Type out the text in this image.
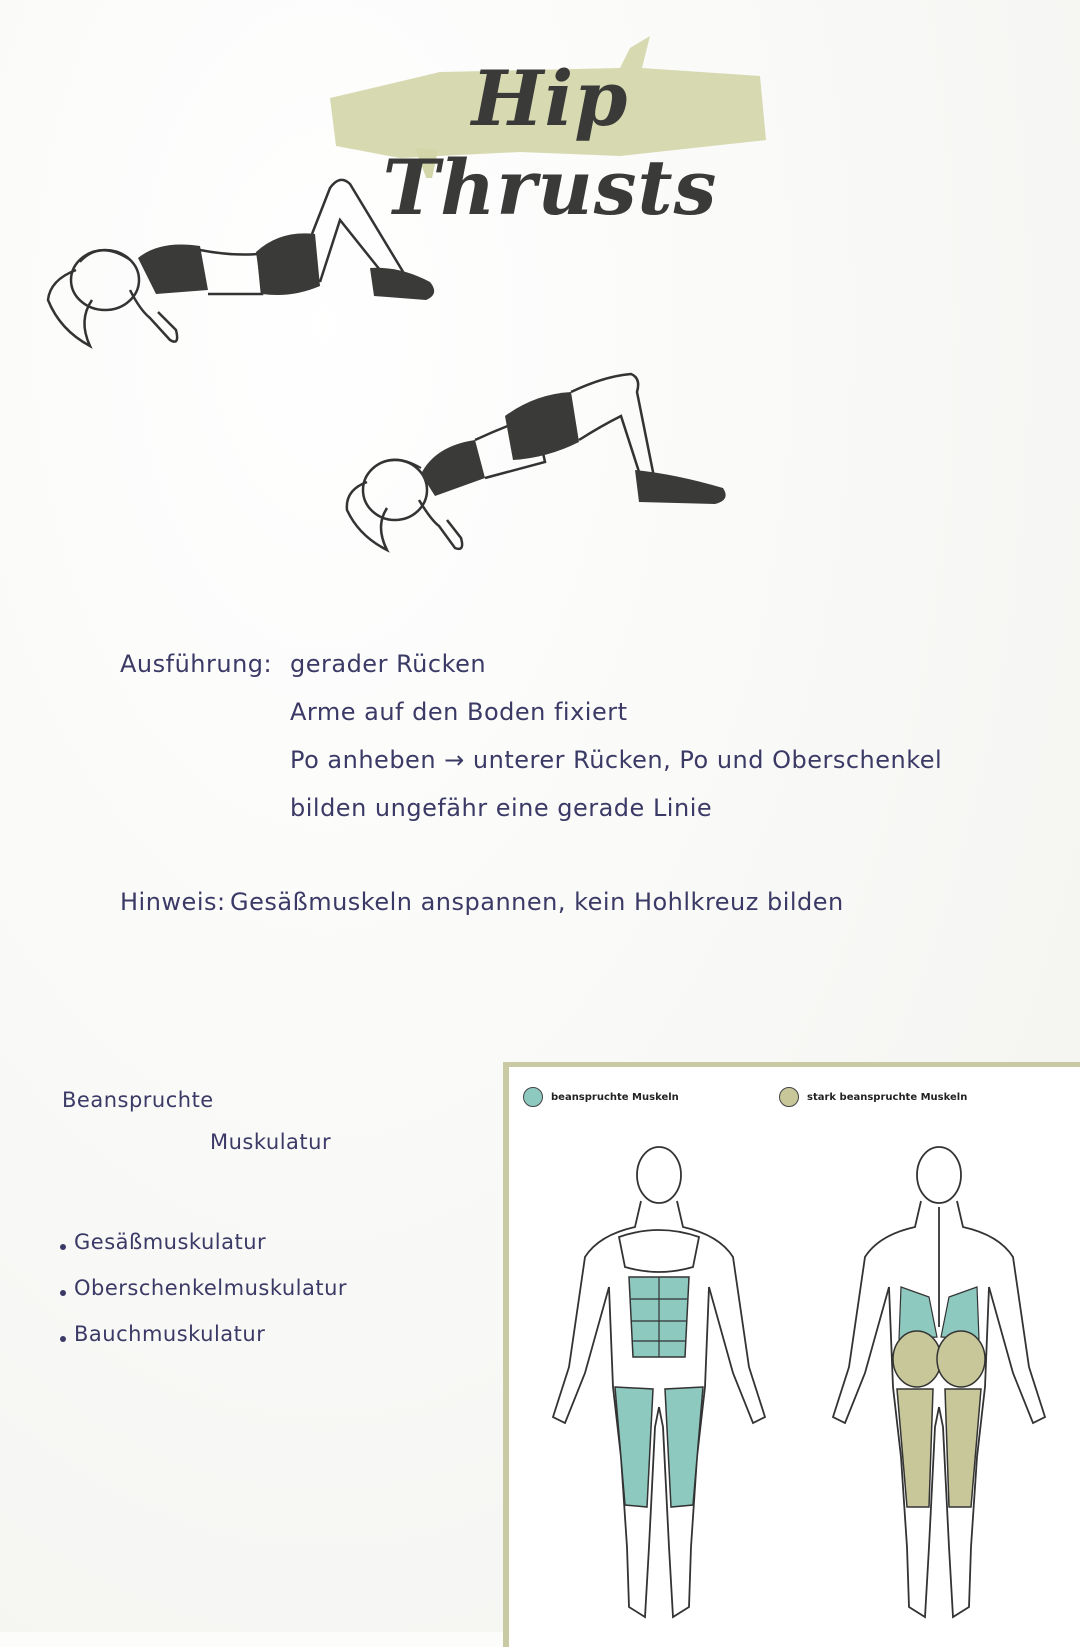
Hip Thrusts
Ausführung: gerader Rücken
Arme auf den Boden fixiert
Po anheben → unterer Rücken, Po und Oberschenkel
bilden ungefähr eine gerade Linie
Hinweis: Gesäßmuskeln anspannen, kein Hohlkreuz bilden
Beanspruchte
Muskulatur
Gesäßmuskulatur
Oberschenkelmuskulatur
Bauchmuskulatur
beanspruchte Muskeln	stark beanspruchte Muskeln
